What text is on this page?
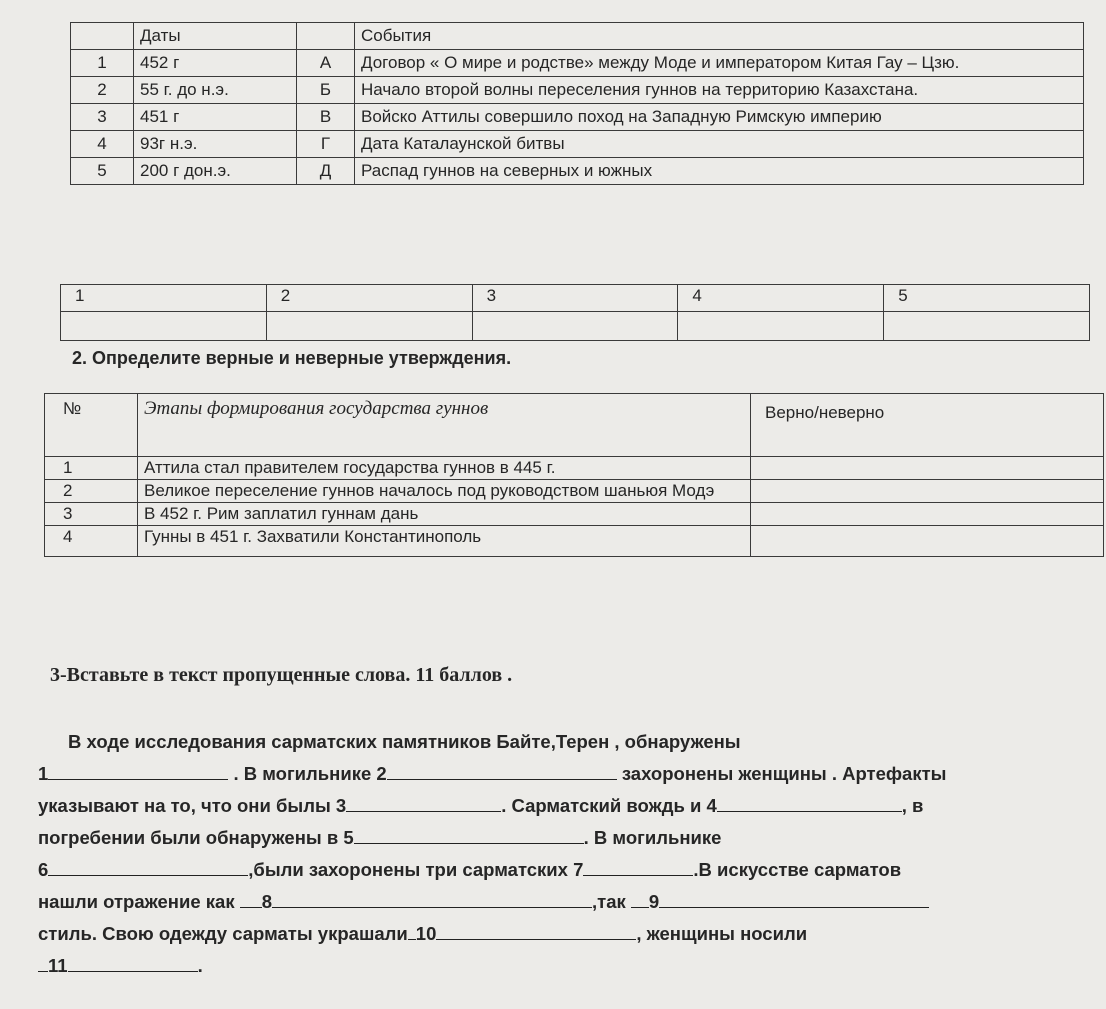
	Даты		События
1	452 г	А	Договор « О мире и родстве» между Моде и императором Китая Гау – Цзю.
2	55 г. до н.э.	Б	Начало второй волны переселения гуннов на территорию Казахстана.
3	451 г	В	Войско Аттилы совершило поход на Западную Римскую империю
4	93г н.э.	Г	Дата Каталаунской битвы
5	200 г дон.э.	Д	Распад гуннов на северных и южных
1	2	3	4	5

2. Определите верные и неверные утверждения.
№	Этапы формирования государства гуннов	Верно/неверно
1	Аттила стал правителем государства гуннов в 445 г.	
2	Великое переселение гуннов началось под руководством шаньюя Модэ	
3	В 452 г. Рим заплатил гуннам дань	
4	Гунны в 451 г. Захватили Константинополь	
3-Вставьте в текст пропущенные слова. 11 баллов .
В ходе исследования сарматских памятников Байте,Терен , обнаружены
1	. В могильнике 2	захоронены женщины . Артефакты
указывают на то, что они былы 3	. Сарматский вождь и 4	, в
погребении были обнаружены в 5	. В могильнике
6	,были захоронены три сарматских 7	.В искусстве сарматов
нашли отражение как 8	,так 9
стиль. Свою одежду сарматы украшали 10	, женщины носили
11	.
